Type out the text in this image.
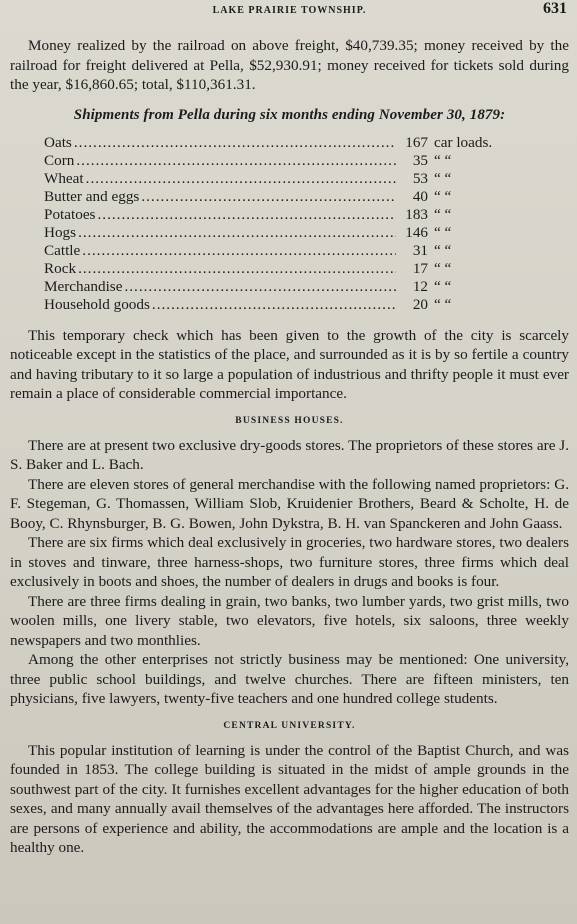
LAKE PRAIRIE TOWNSHIP.	631

Money realized by the railroad on above freight, $40,739.35; money received by the railroad for freight delivered at Pella, $52,930.91; money received for tickets sold during the year, $16,860.65; total, $110,361.31.

Shipments from Pella during six months ending November 30, 1879:
Oats .....	167 car loads.
Corn .....	35 “ “
Wheat .....	53 “ “
Butter and eggs .....	40 “ “
Potatoes .....	183 “ “
Hogs .....	146 “ “
Cattle .....	31 “ “
Rock .....	17 “ “
Merchandise .....	12 “ “
Household goods .....	20 “ “

This temporary check which has been given to the growth of the city is scarcely noticeable except in the statistics of the place, and surrounded as it is by so fertile a country and having tributary to it so large a population of industrious and thrifty people it must ever remain a place of considerable commercial importance.

BUSINESS HOUSES.

There are at present two exclusive dry-goods stores. The proprietors of these stores are J. S. Baker and L. Bach.

There are eleven stores of general merchandise with the following named proprietors: G. F. Stegeman, G. Thomassen, William Slob, Kruidenier Brothers, Beard & Scholte, H. de Booy, C. Rhynsburger, B. G. Bowen, John Dykstra, B. H. van Spanckeren and John Gaass.

There are six firms which deal exclusively in groceries, two hardware stores, two dealers in stoves and tinware, three harness-shops, two furniture stores, three firms which deal exclusively in boots and shoes, the number of dealers in drugs and books is four.

There are three firms dealing in grain, two banks, two lumber yards, two grist mills, two woolen mills, one livery stable, two elevators, five hotels, six saloons, three weekly newspapers and two monthlies.

Among the other enterprises not strictly business may be mentioned: One university, three public school buildings, and twelve churches. There are fifteen ministers, ten physicians, five lawyers, twenty-five teachers and one hundred college students.

CENTRAL UNIVERSITY.

This popular institution of learning is under the control of the Baptist Church, and was founded in 1853. The college building is situated in the midst of ample grounds in the southwest part of the city. It furnishes excellent advantages for the higher education of both sexes, and many annually avail themselves of the advantages here afforded. The instructors are persons of experience and ability, the accommodations are ample and the location is a healthy one.
